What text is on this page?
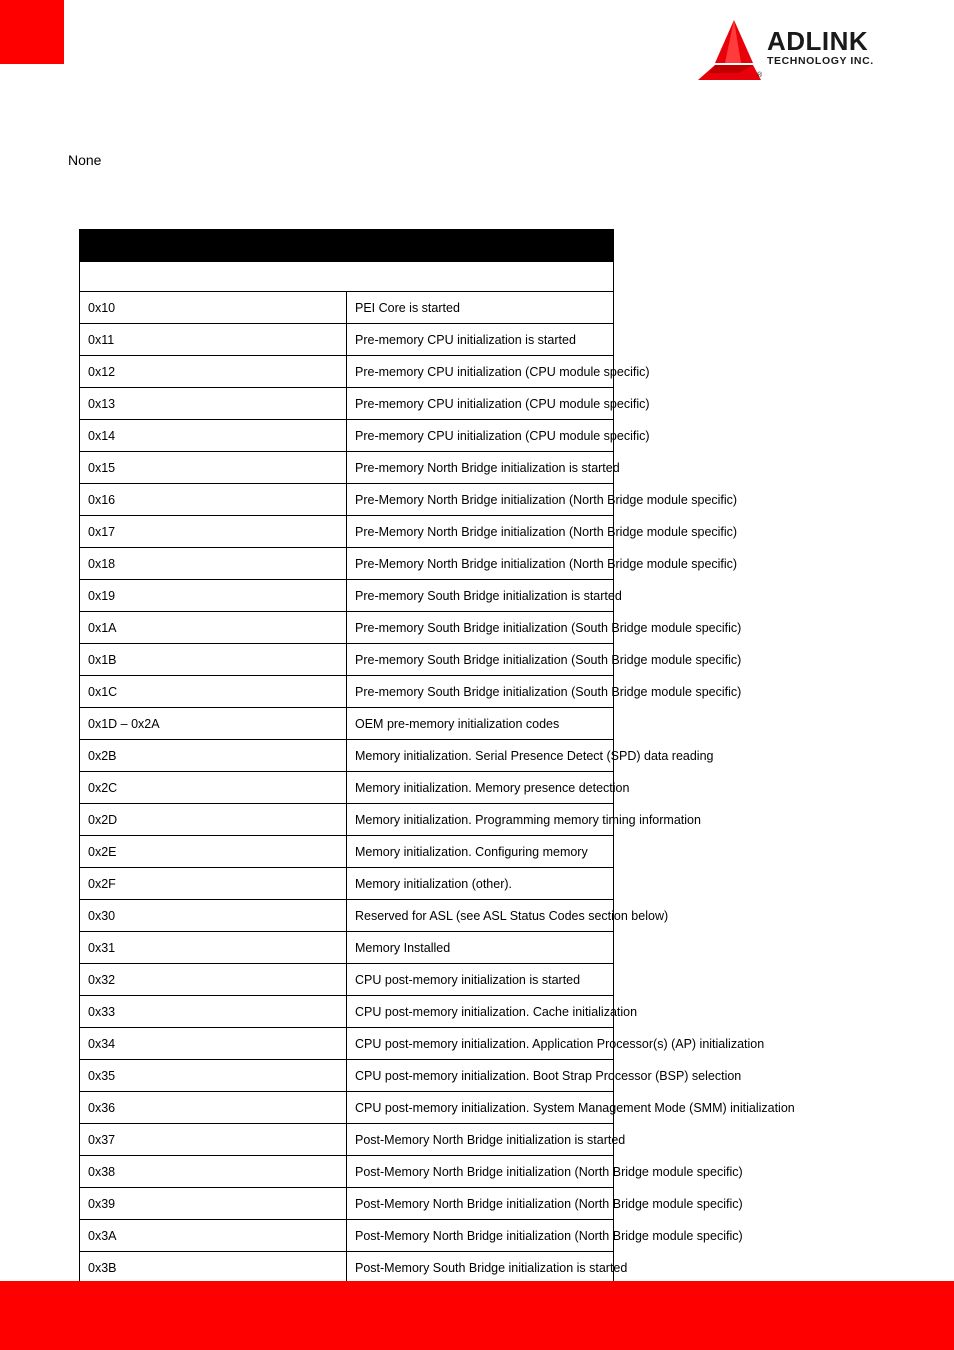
ADLINK
TECHNOLOGY INC.
®
None

0x10	PEI Core is started
0x11	Pre-memory CPU initialization is started
0x12	Pre-memory CPU initialization (CPU module specific)
0x13	Pre-memory CPU initialization (CPU module specific)
0x14	Pre-memory CPU initialization (CPU module specific)
0x15	Pre-memory North Bridge initialization is started
0x16	Pre-Memory North Bridge initialization (North Bridge module specific)
0x17	Pre-Memory North Bridge initialization (North Bridge module specific)
0x18	Pre-Memory North Bridge initialization (North Bridge module specific)
0x19	Pre-memory South Bridge initialization is started
0x1A	Pre-memory South Bridge initialization (South Bridge module specific)
0x1B	Pre-memory South Bridge initialization (South Bridge module specific)
0x1C	Pre-memory South Bridge initialization (South Bridge module specific)
0x1D – 0x2A	OEM pre-memory initialization codes
0x2B	Memory initialization. Serial Presence Detect (SPD) data reading
0x2C	Memory initialization. Memory presence detection
0x2D	Memory initialization. Programming memory timing information
0x2E	Memory initialization. Configuring memory
0x2F	Memory initialization (other).
0x30	Reserved for ASL (see ASL Status Codes section below)
0x31	Memory Installed
0x32	CPU post-memory initialization is started
0x33	CPU post-memory initialization. Cache initialization
0x34	CPU post-memory initialization. Application Processor(s) (AP) initialization
0x35	CPU post-memory initialization. Boot Strap Processor (BSP) selection
0x36	CPU post-memory initialization. System Management Mode (SMM) initialization
0x37	Post-Memory North Bridge initialization is started
0x38	Post-Memory North Bridge initialization (North Bridge module specific)
0x39	Post-Memory North Bridge initialization (North Bridge module specific)
0x3A	Post-Memory North Bridge initialization (North Bridge module specific)
0x3B	Post-Memory South Bridge initialization is started
